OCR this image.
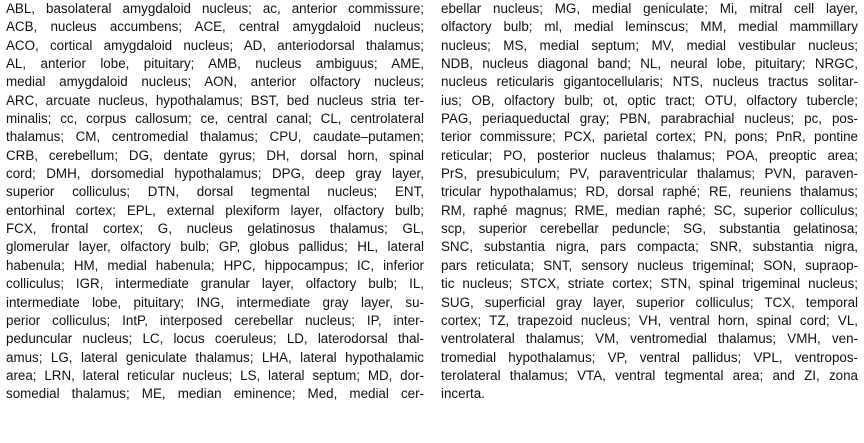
ABL, basolateral amygdaloid nucleus; ac, anterior commissure;
ACB, nucleus accumbens; ACE, central amygdaloid nucleus;
ACO, cortical amygdaloid nucleus; AD, anteriodorsal thalamus;
AL, anterior lobe, pituitary; AMB, nucleus ambiguus; AME,
medial amygdaloid nucleus; AON, anterior olfactory nucleus;
ARC, arcuate nucleus, hypothalamus; BST, bed nucleus stria ter-
minalis; cc, corpus callosum; ce, central canal; CL, centrolateral
thalamus; CM, centromedial thalamus; CPU, caudate–putamen;
CRB, cerebellum; DG, dentate gyrus; DH, dorsal horn, spinal
cord; DMH, dorsomedial hypothalamus; DPG, deep gray layer,
superior colliculus; DTN, dorsal tegmental nucleus; ENT,
entorhinal cortex; EPL, external plexiform layer, olfactory bulb;
FCX, frontal cortex; G, nucleus gelatinosus thalamus; GL,
glomerular layer, olfactory bulb; GP, globus pallidus; HL, lateral
habenula; HM, medial habenula; HPC, hippocampus; IC, inferior
colliculus; IGR, intermediate granular layer, olfactory bulb; IL,
intermediate lobe, pituitary; ING, intermediate gray layer, su-
perior colliculus; IntP, interposed cerebellar nucleus; IP, inter-
peduncular nucleus; LC, locus coeruleus; LD, laterodorsal thal-
amus; LG, lateral geniculate thalamus; LHA, lateral hypothalamic
area; LRN, lateral reticular nucleus; LS, lateral septum; MD, dor-
somedial thalamus; ME, median eminence; Med, medial cer-
ebellar nucleus; MG, medial geniculate; Mi, mitral cell layer,
olfactory bulb; ml, medial leminscus; MM, medial mammillary
nucleus; MS, medial septum; MV, medial vestibular nucleus;
NDB, nucleus diagonal band; NL, neural lobe, pituitary; NRGC,
nucleus reticularis gigantocellularis; NTS, nucleus tractus solitar-
ius; OB, olfactory bulb; ot, optic tract; OTU, olfactory tubercle;
PAG, periaqueductal gray; PBN, parabrachial nucleus; pc, pos-
terior commissure; PCX, parietal cortex; PN, pons; PnR, pontine
reticular; PO, posterior nucleus thalamus; POA, preoptic area;
PrS, presubiculum; PV, paraventricular thalamus; PVN, paraven-
tricular hypothalamus; RD, dorsal raphé; RE, reuniens thalamus;
RM, raphé magnus; RME, median raphé; SC, superior colliculus;
scp, superior cerebellar peduncle; SG, substantia gelatinosa;
SNC, substantia nigra, pars compacta; SNR, substantia nigra,
pars reticulata; SNT, sensory nucleus trigeminal; SON, supraop-
tic nucleus; STCX, striate cortex; STN, spinal trigeminal nucleus;
SUG, superficial gray layer, superior colliculus; TCX, temporal
cortex; TZ, trapezoid nucleus; VH, ventral horn, spinal cord; VL,
ventrolateral thalamus; VM, ventromedial thalamus; VMH, ven-
tromedial hypothalamus; VP, ventral pallidus; VPL, ventropos-
terolateral thalamus; VTA, ventral tegmental area; and ZI, zona
incerta.
